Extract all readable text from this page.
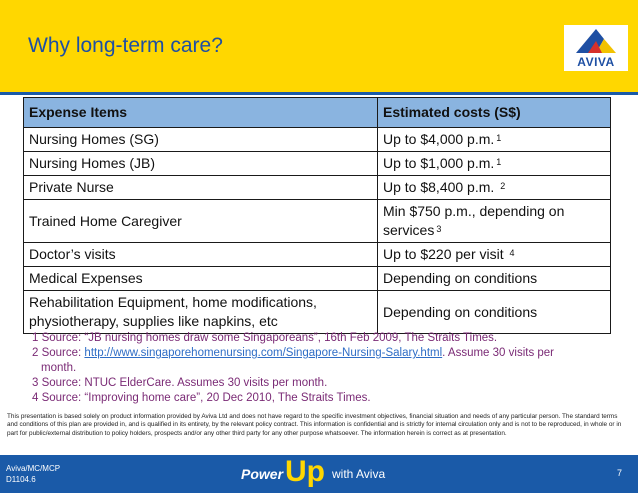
Why long-term care?
AVIVA
Expense Items	Estimated costs (S$)
Nursing Homes (SG)	Up to $4,000 p.m. $^1$
Nursing Homes (JB)	Up to $1,000 p.m. $^1$
Private Nurse	Up to $8,400 p.m. $^2$
Trained Home Caregiver	Min $750 p.m., depending on services $^3$
Doctor’s visits	Up to $220 per visit $^4$
Medical Expenses	Depending on conditions
Rehabilitation Equipment, home modifications, physiotherapy, supplies like napkins, etc	Depending on conditions

1 Source: “JB nursing homes draw some Singaporeans”, 16th Feb 2009, The Straits Times.

2 Source: http://www.singaporehomenursing.com/Singapore-Nursing-Salary.html. Assume 30 visits per

month.

3 Source: NTUC ElderCare. Assumes 30 visits per month.

4 Source: “Improving home care”, 20 Dec 2010, The Straits Times.

This presentation is based solely on product information provided by Aviva Ltd and does not have regard to the specific investment objectives, financial situation and needs of any particular person. The standard terms and conditions of this plan are provided in, and is qualified in its entirety, by the relevant policy contract. This information is confidential and is strictly for internal circulation only and is not to be reproduced, in whole or in part for public/external distribution to policy holders, prospects and/or any other third party for any other purpose whatsoever. The information herein is correct as at presentation.
Aviva/MC/MCP
D1104.6	Power Up with Aviva	7
